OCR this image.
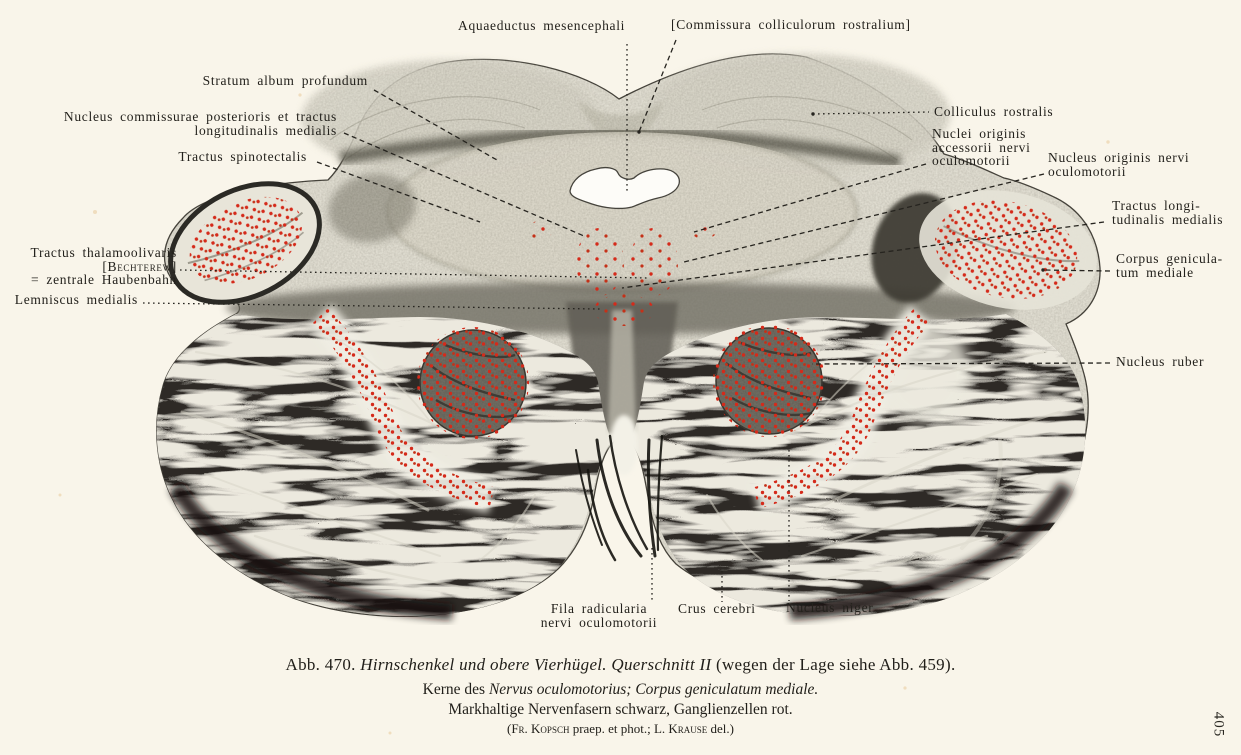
Aquaeductus mesencephali	[Commissura colliculorum rostralium]
Stratum album profundum
Nucleus commissurae posterioris et tractus
longitudinalis medialis
Tractus spinotectalis
Tractus thalamoolivaris
[Bechterew]
= zentrale Haubenbahn
Lemniscus medialis
Colliculus rostralis
Nuclei originis
accessorii nervi
oculomotorii	Nucleus originis nervi
oculomotorii
Tractus longi-
tudinalis medialis
Corpus genicula-
tum mediale
Nucleus ruber
Fila radicularia
nervi oculomotorii
Crus cerebri Nucleus niger
Abb. 470. Hirnschenkel und obere Vierhügel. Querschnitt II (wegen der Lage siehe Abb. 459).
Kerne des Nervus oculomotorius; Corpus geniculatum mediale.
Markhaltige Nervenfasern schwarz, Ganglienzellen rot.
(Fr. Kopsch praep. et phot.; L. Krause del.)	405
